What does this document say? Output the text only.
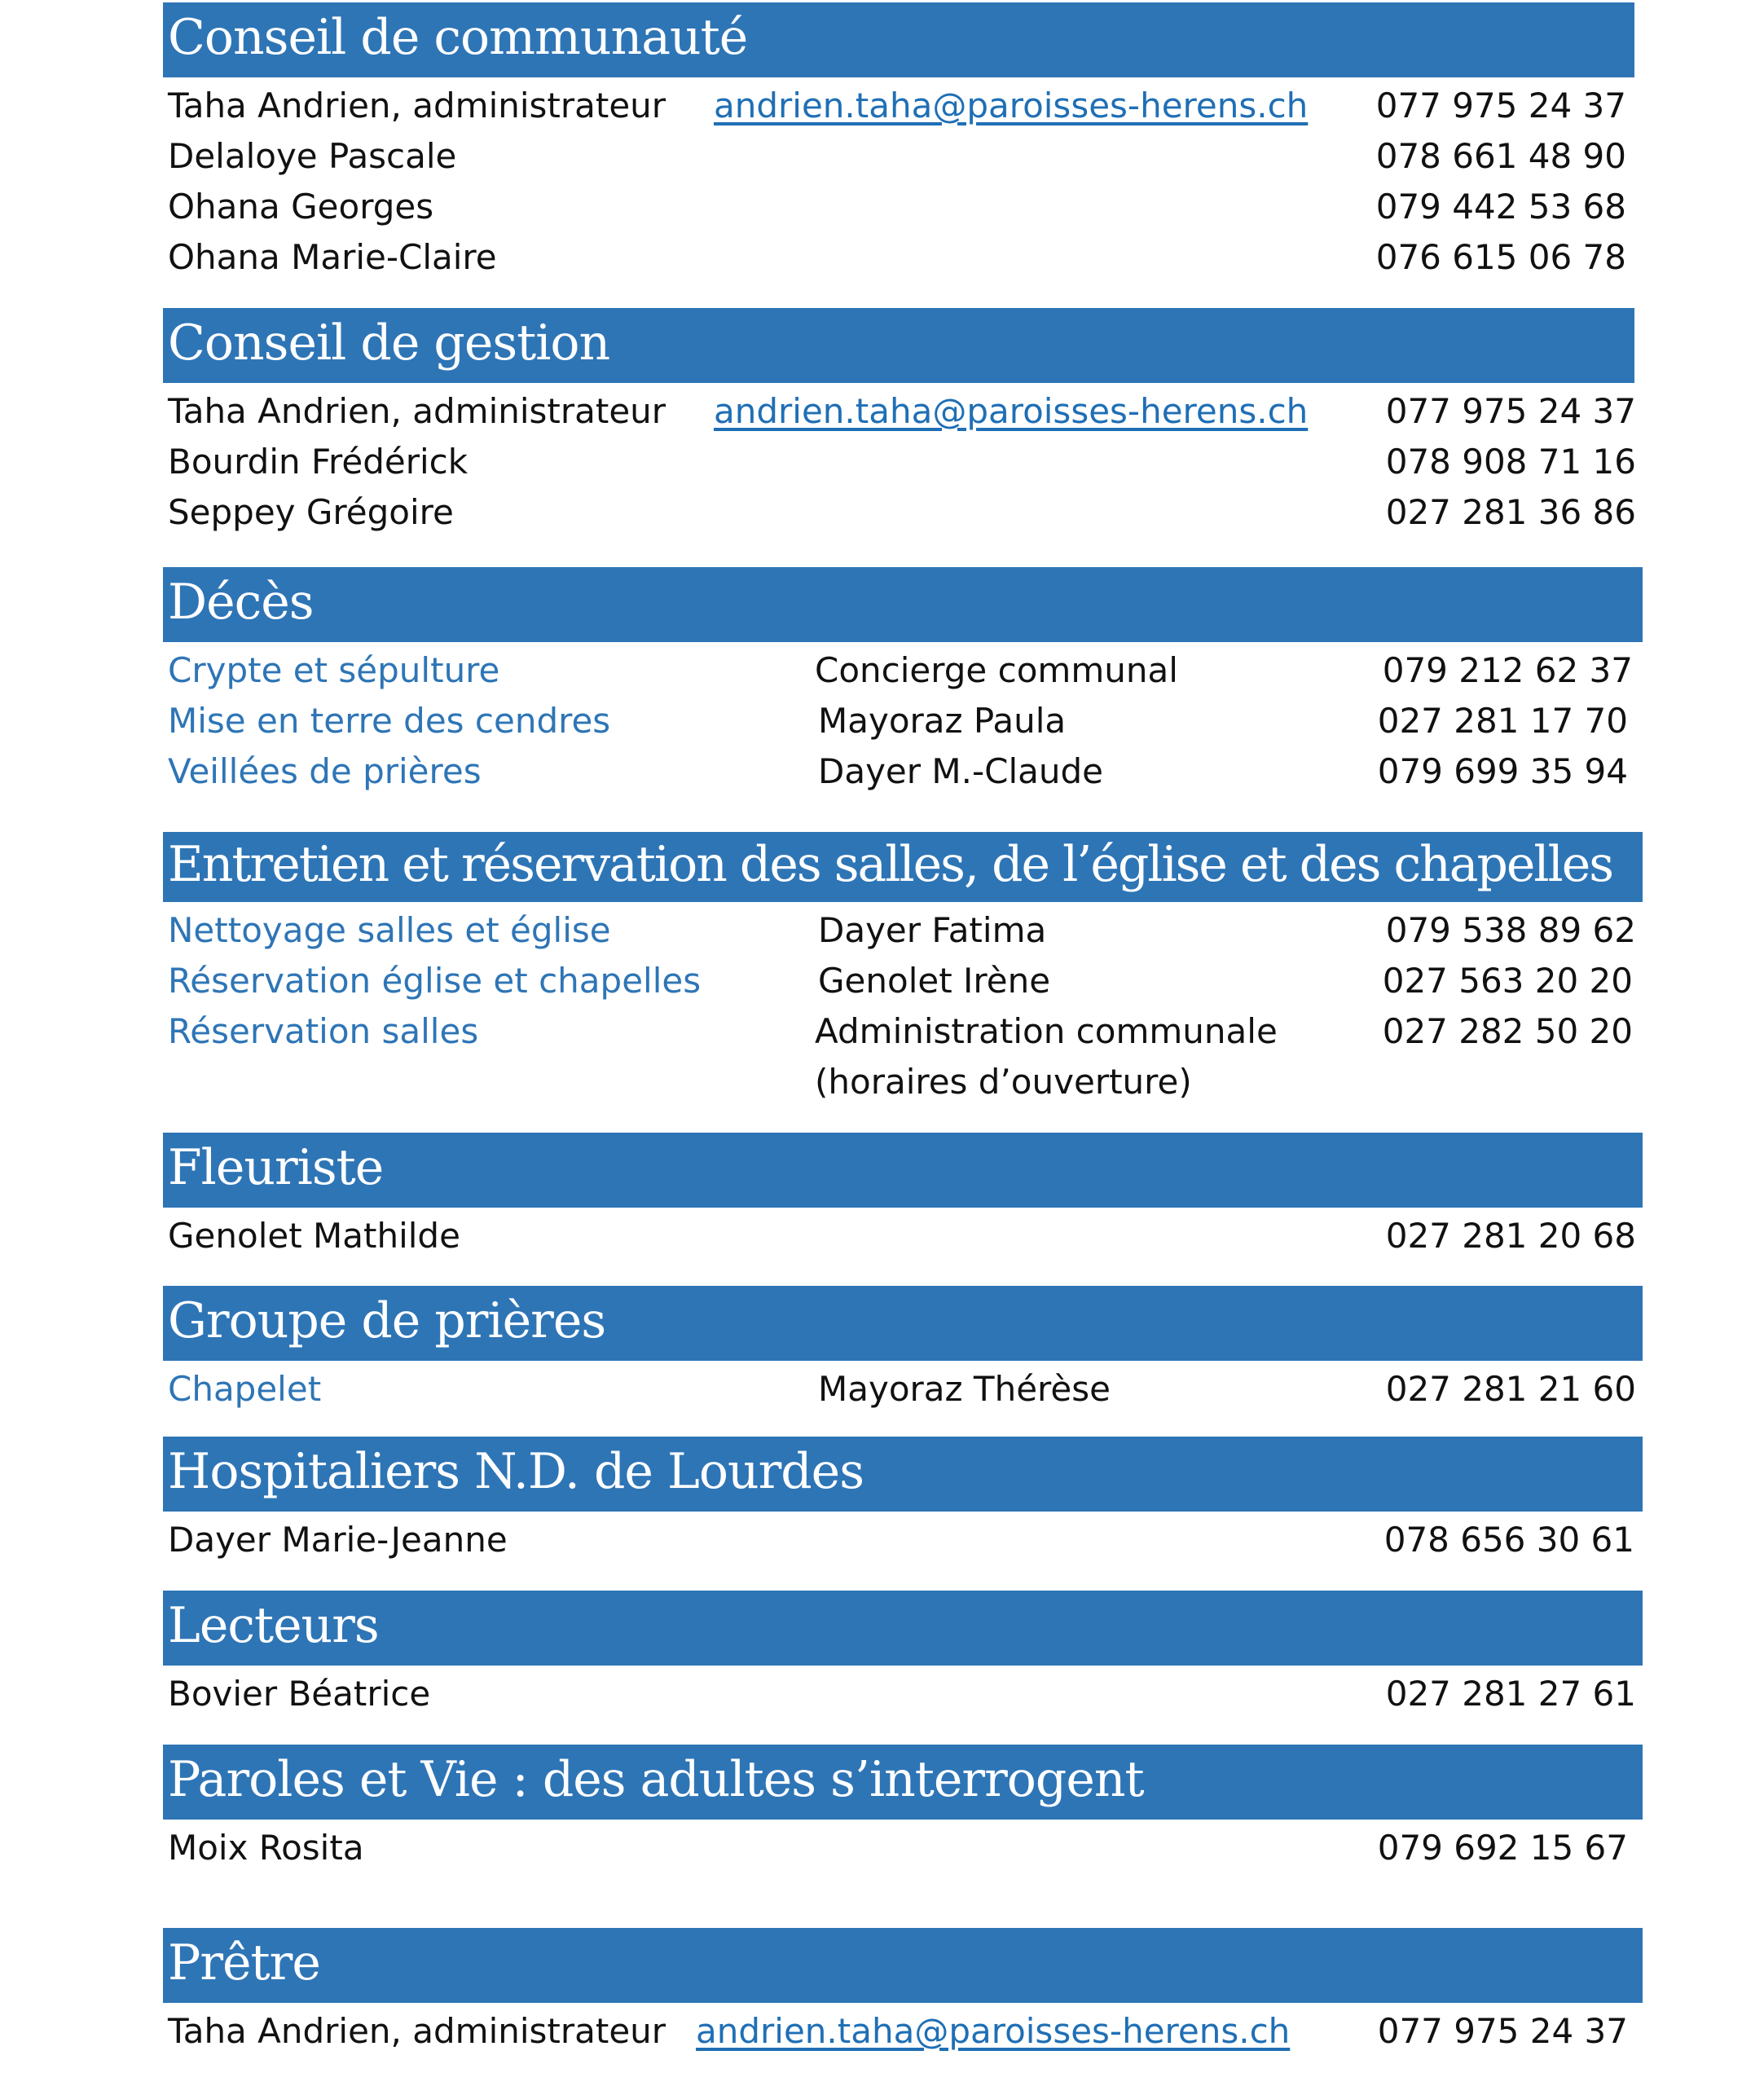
Conseil de communauté
Taha Andrien, administrateur andrien.taha@paroisses-herens.ch 077 975 24 37
Delaloye Pascale	078 661 48 90
Ohana Georges	079 442 53 68
Ohana Marie-Claire	076 615 06 78
Conseil de gestion
Taha Andrien, administrateur andrien.taha@paroisses-herens.ch 077 975 24 37
Bourdin Frédérick	078 908 71 16
Seppey Grégoire	027 281 36 86
Décès
Crypte et sépulture	Concierge communal	079 212 62 37
Mise en terre des cendres	Mayoraz Paula	027 281 17 70
Veillées de prières	Dayer M.-Claude	079 699 35 94
Entretien et réservation des salles, de l’église et des chapelles
Nettoyage salles et église	Dayer Fatima	079 538 89 62
Réservation église et chapelles	Genolet Irène	027 563 20 20
Réservation salles	Administration communale	027 282 50 20
(horaires d’ouverture)
Fleuriste
Genolet Mathilde	027 281 20 68
Groupe de prières
Chapelet	Mayoraz Thérèse	027 281 21 60
Hospitaliers N.D. de Lourdes
Dayer Marie-Jeanne	078 656 30 61
Lecteurs
Bovier Béatrice	027 281 27 61
Paroles et Vie : des adultes s’interrogent
Moix Rosita	079 692 15 67
Prêtre
Taha Andrien, administrateur andrien.taha@paroisses-herens.ch	077 975 24 37
